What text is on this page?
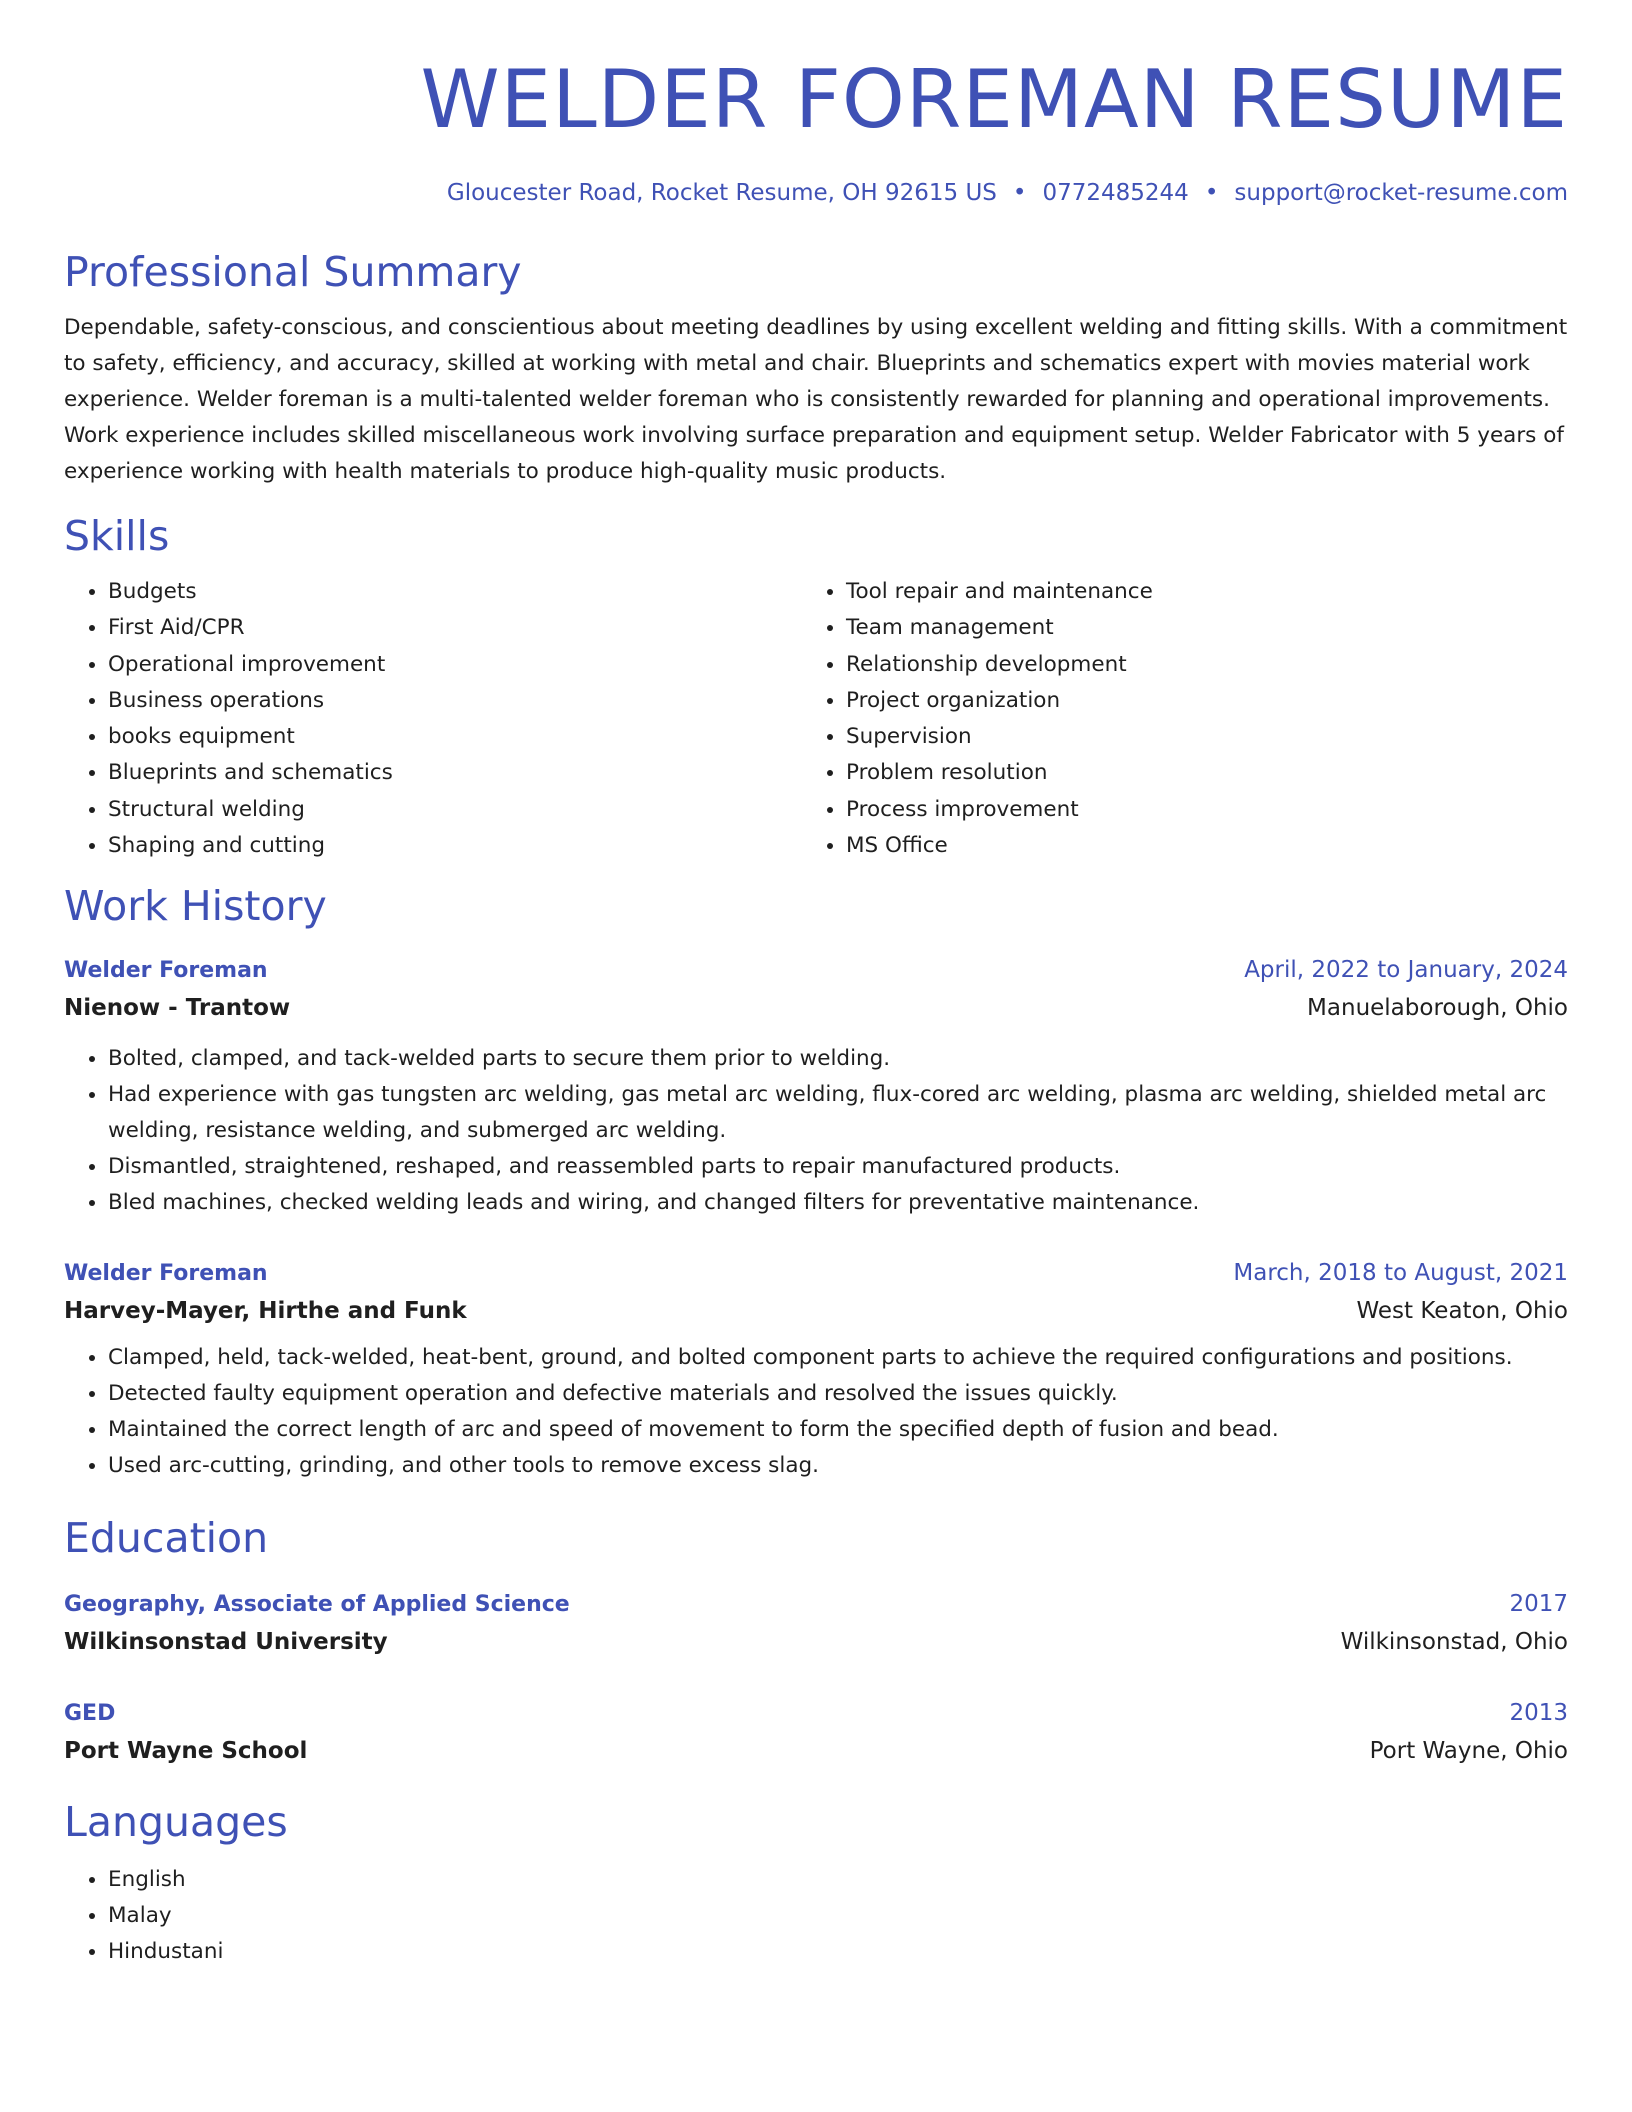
WELDER FOREMAN RESUME
Gloucester Road, Rocket Resume, OH 92615 US • 0772485244 • support@rocket-resume.com
Professional Summary
Dependable, safety-conscious, and conscientious about meeting deadlines by using excellent welding and fitting skills. With a commitment to safety, efficiency, and accuracy, skilled at working with metal and chair. Blueprints and schematics expert with movies material work experience. Welder foreman is a multi-talented welder foreman who is consistently rewarded for planning and operational improvements. Work experience includes skilled miscellaneous work involving surface preparation and equipment setup. Welder Fabricator with 5 years of experience working with health materials to produce high-quality music products.
Skills
• Budgets
• First Aid/CPR
• Operational improvement
• Business operations
• books equipment
• Blueprints and schematics
• Structural welding
• Shaping and cutting
• Tool repair and maintenance
• Team management
• Relationship development
• Project organization
• Supervision
• Problem resolution
• Process improvement
• MS Office
Work History
Welder Foreman	April, 2022 to January, 2024
Nienow - Trantow	Manuelaborough, Ohio
• Bolted, clamped, and tack-welded parts to secure them prior to welding.
• Had experience with gas tungsten arc welding, gas metal arc welding, flux-cored arc welding, plasma arc welding, shielded metal arc welding, resistance welding, and submerged arc welding.
• Dismantled, straightened, reshaped, and reassembled parts to repair manufactured products.
• Bled machines, checked welding leads and wiring, and changed filters for preventative maintenance.
Welder Foreman	March, 2018 to August, 2021
Harvey-Mayer, Hirthe and Funk	West Keaton, Ohio
• Clamped, held, tack-welded, heat-bent, ground, and bolted component parts to achieve the required configurations and positions.
• Detected faulty equipment operation and defective materials and resolved the issues quickly.
• Maintained the correct length of arc and speed of movement to form the specified depth of fusion and bead.
• Used arc-cutting, grinding, and other tools to remove excess slag.
Education
Geography, Associate of Applied Science	2017
Wilkinsonstad University	Wilkinsonstad, Ohio
GED	2013
Port Wayne School	Port Wayne, Ohio
Languages
• English
• Malay
• Hindustani
